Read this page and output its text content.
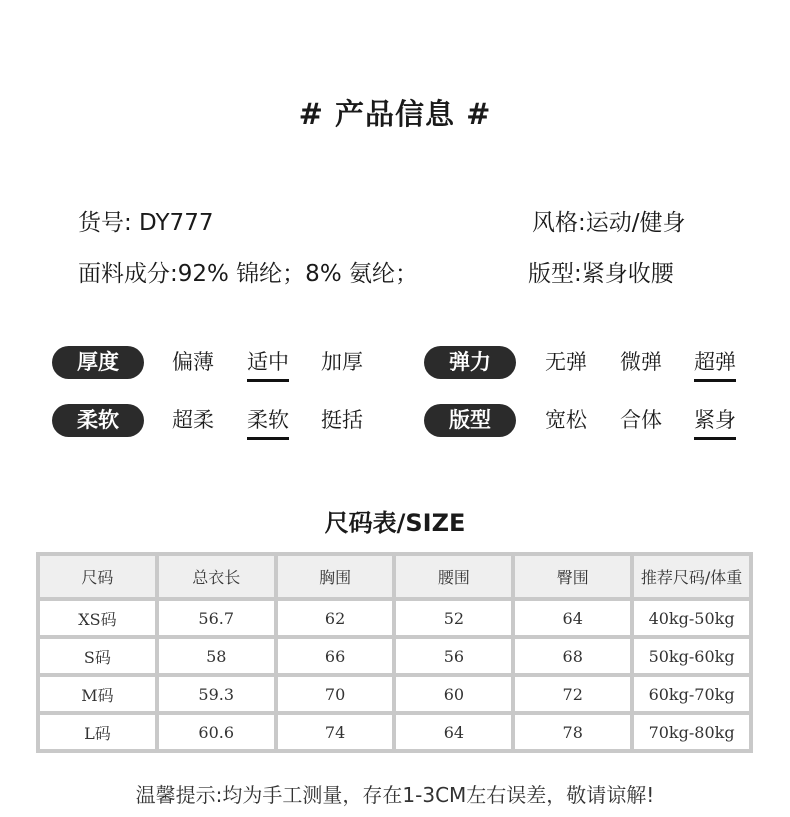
# 产品信息 #
货号: DY777	风格:运动/健身
面料成分:92% 锦纶；8% 氨纶；	版型:紧身收腰
厚度	偏薄 适中 加厚	弹力	无弹 微弹 超弹
柔软	超柔 柔软 挺括	版型	宽松 合体 紧身
尺码表/SIZE
尺码	总衣长	胸围	腰围	臀围	推荐尺码/体重
XS码	56.7	62	52	64	40kg-50kg
S码	58	66	56	68	50kg-60kg
M码	59.3	70	60	72	60kg-70kg
L码	60.6	74	64	78	70kg-80kg
温馨提示:均为手工测量，存在1-3CM左右误差，敬请谅解!
